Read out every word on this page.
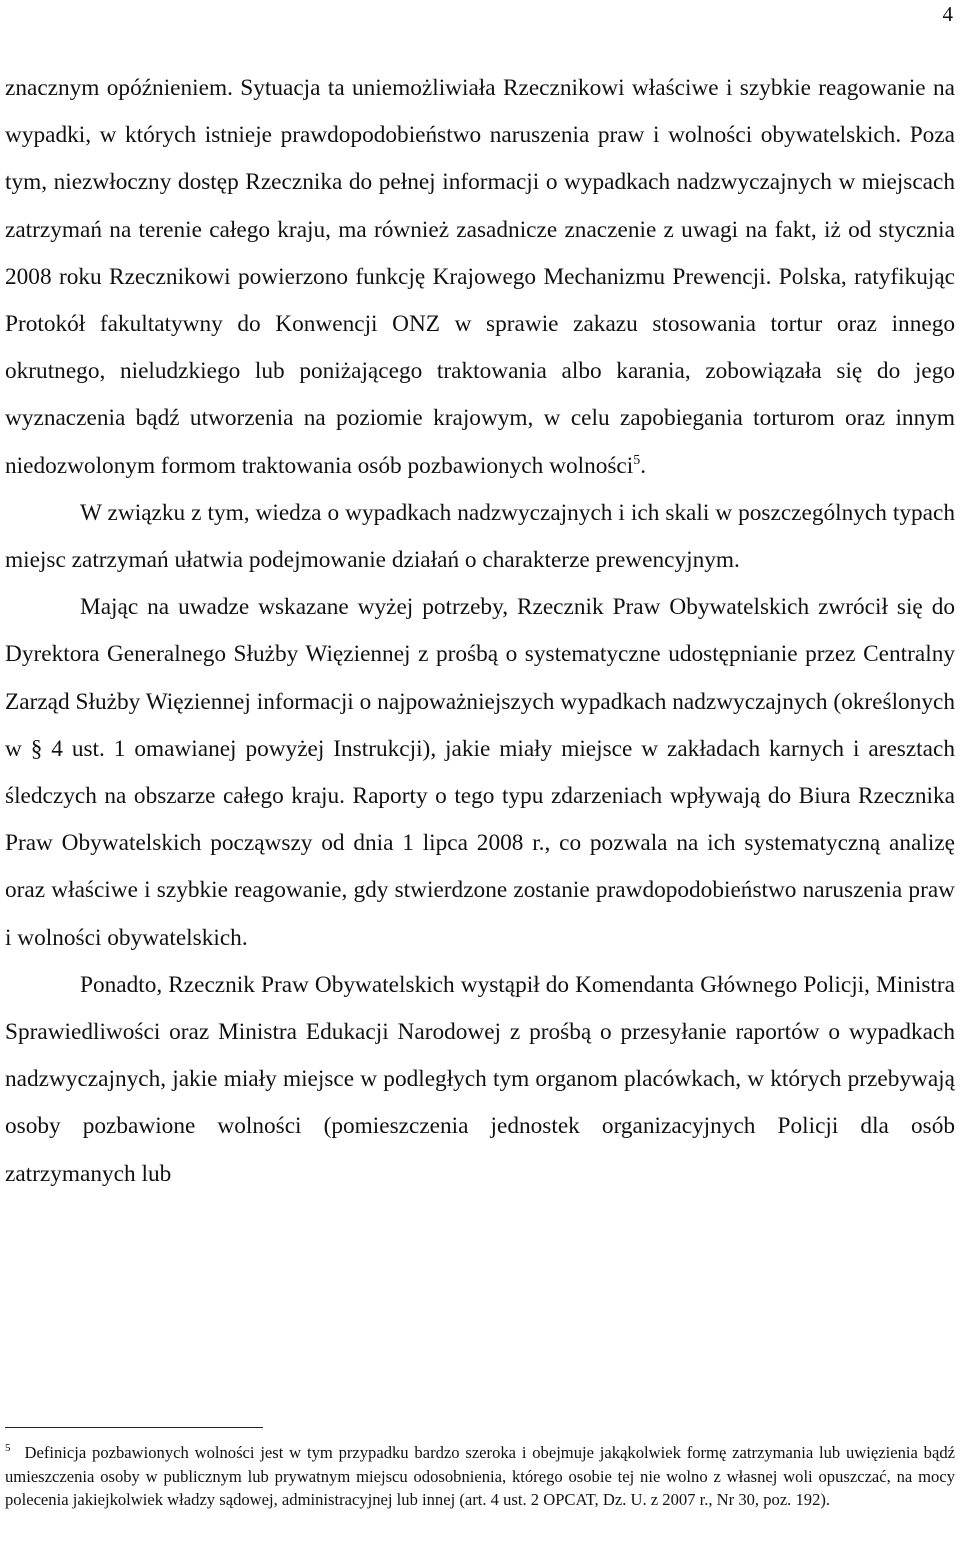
4

znacznym opóźnieniem. Sytuacja ta uniemożliwiała Rzecznikowi właściwe i szybkie reagowanie na wypadki, w których istnieje prawdopodobieństwo naruszenia praw i wolności obywatelskich. Poza tym, niezwłoczny dostęp Rzecznika do pełnej informacji o wypadkach nadzwyczajnych w miejscach zatrzymań na terenie całego kraju, ma również zasadnicze znaczenie z uwagi na fakt, iż od stycznia 2008 roku Rzecznikowi powierzono funkcję Krajowego Mechanizmu Prewencji. Polska, ratyfikując Protokół fakultatywny do Konwencji ONZ w sprawie zakazu stosowania tortur oraz innego okrutnego, nieludzkiego lub poniżającego traktowania albo karania, zobowiązała się do jego wyznaczenia bądź utworzenia na poziomie krajowym, w celu zapobiegania torturom oraz innym niedozwolonym formom traktowania osób pozbawionych wolności$^5$.

W związku z tym, wiedza o wypadkach nadzwyczajnych i ich skali w poszczególnych typach miejsc zatrzymań ułatwia podejmowanie działań o charakterze prewencyjnym.

Mając na uwadze wskazane wyżej potrzeby, Rzecznik Praw Obywatelskich zwrócił się do Dyrektora Generalnego Służby Więziennej z prośbą o systematyczne udostępnianie przez Centralny Zarząd Służby Więziennej informacji o najpoważniejszych wypadkach nadzwyczajnych (określonych w § 4 ust. 1 omawianej powyżej Instrukcji), jakie miały miejsce w zakładach karnych i aresztach śledczych na obszarze całego kraju. Raporty o tego typu zdarzeniach wpływają do Biura Rzecznika Praw Obywatelskich począwszy od dnia 1 lipca 2008 r., co pozwala na ich systematyczną analizę oraz właściwe i szybkie reagowanie, gdy stwierdzone zostanie prawdopodobieństwo naruszenia praw i wolności obywatelskich.

Ponadto, Rzecznik Praw Obywatelskich wystąpił do Komendanta Głównego Policji, Ministra Sprawiedliwości oraz Ministra Edukacji Narodowej z prośbą o przesyłanie raportów o wypadkach nadzwyczajnych, jakie miały miejsce w podległych tym organom placówkach, w których przebywają osoby pozbawione wolności (pomieszczenia jednostek organizacyjnych Policji dla osób zatrzymanych lub

$^5$ Definicja pozbawionych wolności jest w tym przypadku bardzo szeroka i obejmuje jakąkolwiek formę zatrzymania lub uwięzienia bądź umieszczenia osoby w publicznym lub prywatnym miejscu odosobnienia, którego osobie tej nie wolno z własnej woli opuszczać, na mocy polecenia jakiejkolwiek władzy sądowej, administracyjnej lub innej (art. 4 ust. 2 OPCAT, Dz. U. z 2007 r., Nr 30, poz. 192).
